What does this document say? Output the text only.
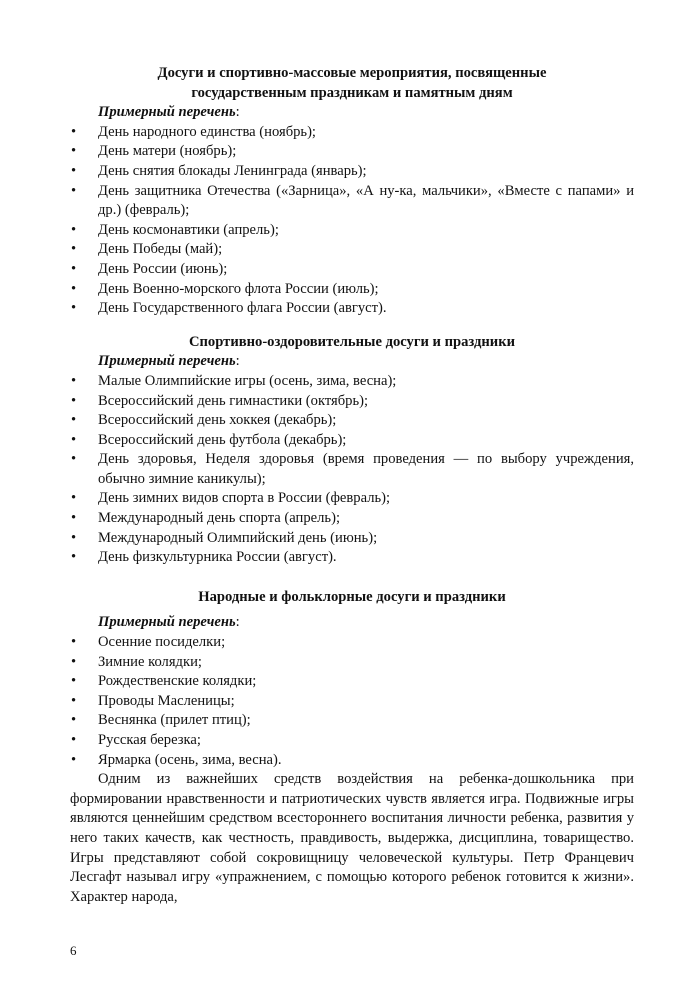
Досуги и спортивно-массовые мероприятия, посвященные
государственным праздникам и памятным дням

Примерный перечень:
• День народного единства (ноябрь);
• День матери (ноябрь);
• День снятия блокады Ленинграда (январь);
• День защитника Отечества («Зарница», «А ну-ка, мальчики», «Вместе с папами» и др.) (февраль);
• День космонавтики (апрель);
• День Победы (май);
• День России (июнь);
• День Военно-морского флота России (июль);
• День Государственного флага России (август).

Спортивно-оздоровительные досуги и праздники

Примерный перечень:
• Малые Олимпийские игры (осень, зима, весна);
• Всероссийский день гимнастики (октябрь);
• Всероссийский день хоккея (декабрь);
• Всероссийский день футбола (декабрь);
• День здоровья, Неделя здоровья (время проведения — по выбору учреждения, обычно зимние каникулы);
• День зимних видов спорта в России (февраль);
• Международный день спорта (апрель);
• Международный Олимпийский день (июнь);
• День физкультурника России (август).

Народные и фольклорные досуги и праздники

Примерный перечень:
• Осенние посиделки;
• Зимние колядки;
• Рождественские колядки;
• Проводы Масленицы;
• Веснянка (прилет птиц);
• Русская березка;
• Ярмарка (осень, зима, весна).

Одним из важнейших средств воздействия на ребенка-дошкольника при формировании нравственности и патриотических чувств является игра. Подвижные игры являются ценнейшим средством всестороннего воспитания личности ребенка, развития у него таких качеств, как честность, правдивость, выдержка, дисциплина, товарищество. Игры представляют собой сокровищницу человеческой культуры. Петр Францевич Лесгафт называл игру «упражнением, с помощью которого ребенок готовится к жизни». Характер народа,

6
